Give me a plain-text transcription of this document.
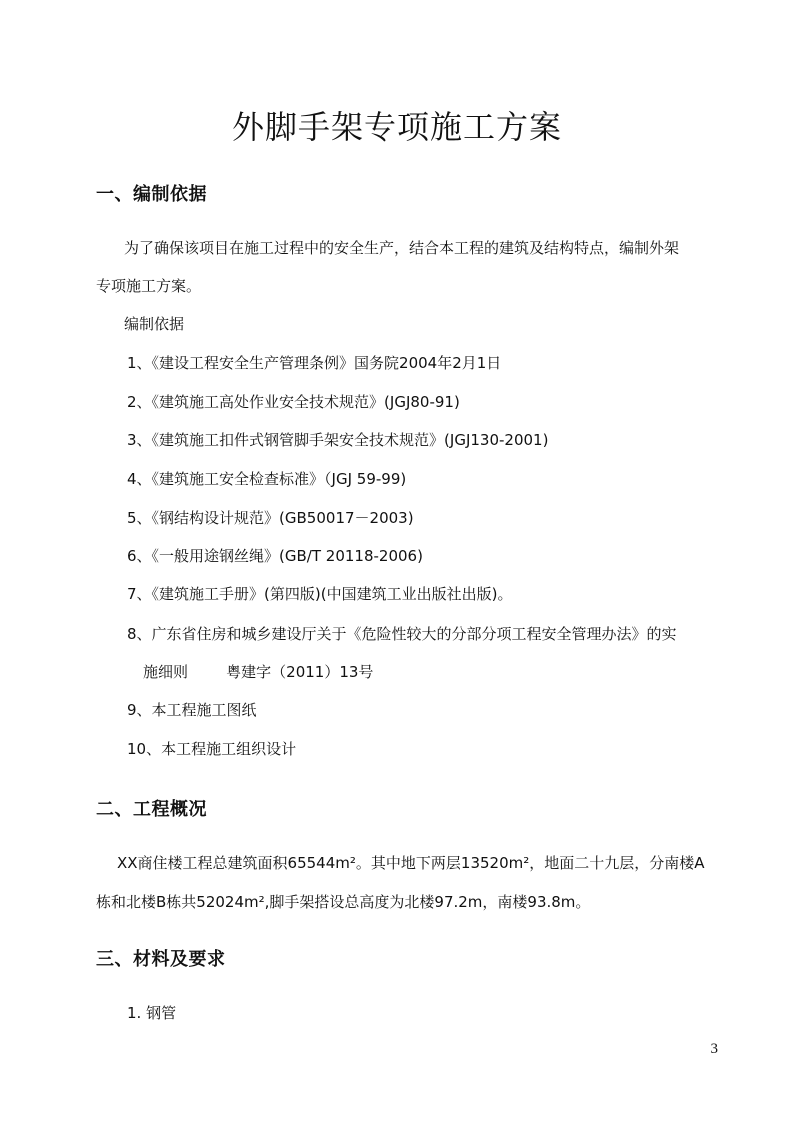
外脚手架专项施工方案
一、编制依据
为了确保该项目在施工过程中的安全生产，结合本工程的建筑及结构特点，编制外架
专项施工方案。
编制依据
1、《建设工程安全生产管理条例》国务院2004年2月1日
2、《建筑施工高处作业安全技术规范》(JGJ80-91)
3、《建筑施工扣件式钢管脚手架安全技术规范》(JGJ130-2001)
4、《建筑施工安全检查标准》（JGJ 59-99)
5、《钢结构设计规范》(GB50017－2003)
6、《一般用途钢丝绳》(GB/T 20118-2006)
7、《建筑施工手册》(第四版)(中国建筑工业出版社出版)。
8、广东省住房和城乡建设厅关于《危险性较大的分部分项工程安全管理办法》的实
施细则        粤建字（2011）13号
9、本工程施工图纸
10、本工程施工组织设计
二、工程概况
XX商住楼工程总建筑面积65544m²。其中地下两层13520m²，地面二十九层，分南楼A
栋和北楼B栋共52024m²,脚手架搭设总高度为北楼97.2m，南楼93.8m。
三、材料及要求
1. 钢管
3
